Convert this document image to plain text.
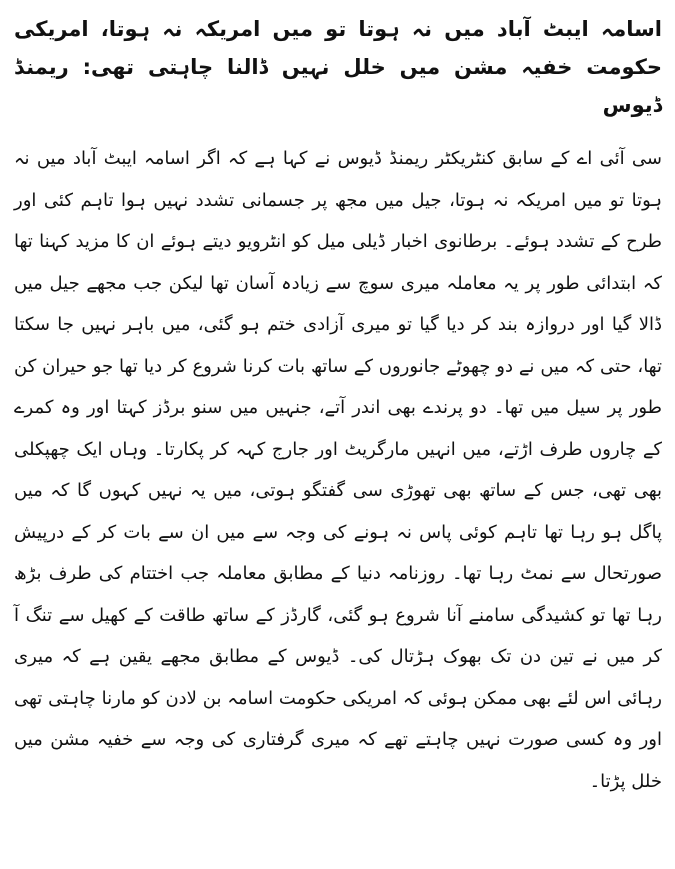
اسامہ ایبٹ آباد میں نہ ہوتا تو میں امریکہ نہ ہوتا، امریکی حکومت خفیہ مشن میں خلل نہیں ڈالنا چاہتی تھی: ریمنڈ ڈیوس

سی آئی اے کے سابق کنٹریکٹر ریمنڈ ڈیوس نے کہا ہے کہ اگر اسامہ ایبٹ آباد میں نہ ہوتا تو میں امریکہ نہ ہوتا، جیل میں مجھ پر جسمانی تشدد نہیں ہوا تاہم کئی اور طرح کے تشدد ہوئے۔ برطانوی اخبار ڈیلی میل کو انٹرویو دیتے ہوئے ان کا مزید کہنا تھا کہ ابتدائی طور پر یہ معاملہ میری سوچ سے زیادہ آسان تھا لیکن جب مجھے جیل میں ڈالا گیا اور دروازہ بند کر دیا گیا تو میری آزادی ختم ہو گئی، میں باہر نہیں جا سکتا تھا، حتی کہ میں نے دو چھوٹے جانوروں کے ساتھ بات کرنا شروع کر دیا تھا جو حیران کن طور پر سیل میں تھا۔ دو پرندے بھی اندر آتے، جنہیں میں سنو برڈز کہتا اور وہ کمرے کے چاروں طرف اڑتے، میں انہیں مارگریٹ اور جارج کہہ کر پکارتا۔ وہاں ایک چھپکلی بھی تھی، جس کے ساتھ بھی تھوڑی سی گفتگو ہوتی، میں یہ نہیں کہوں گا کہ میں پاگل ہو رہا تھا تاہم کوئی پاس نہ ہونے کی وجہ سے میں ان سے بات کر کے درپیش صورتحال سے نمٹ رہا تھا۔ روزنامہ دنیا کے مطابق معاملہ جب اختتام کی طرف بڑھ رہا تھا تو کشیدگی سامنے آنا شروع ہو گئی، گارڈز کے ساتھ طاقت کے کھیل سے تنگ آ کر میں نے تین دن تک بھوک ہڑتال کی۔ ڈیوس کے مطابق مجھے یقین ہے کہ میری رہائی اس لئے بھی ممکن ہوئی کہ امریکی حکومت اسامہ بن لادن کو مارنا چاہتی تھی اور وہ کسی صورت نہیں چاہتے تھے کہ میری گرفتاری کی وجہ سے خفیہ مشن میں خلل پڑتا۔
